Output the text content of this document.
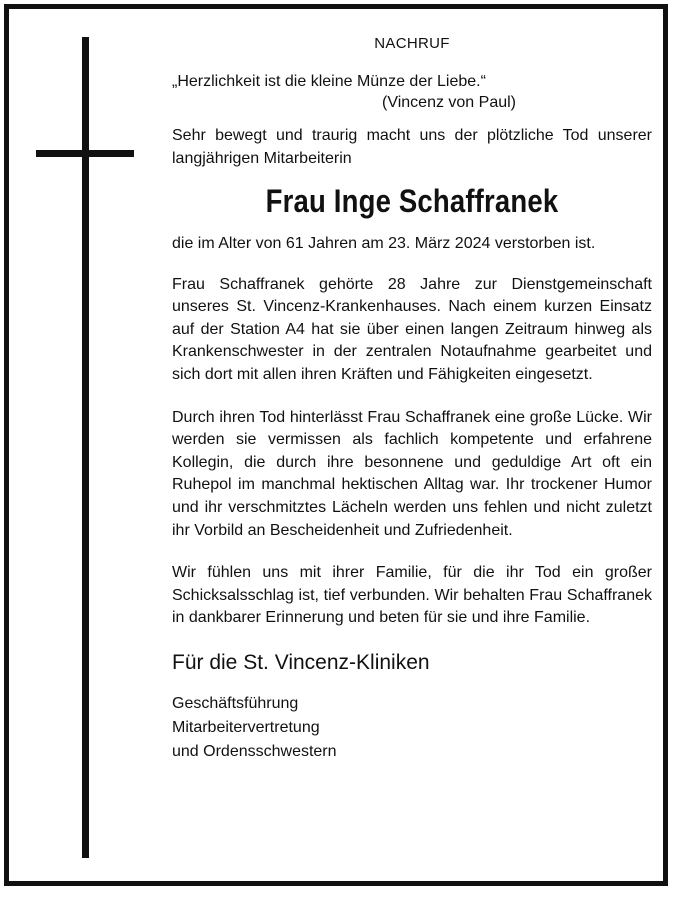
NACHRUF

„Herzlichkeit ist die kleine Münze der Liebe.“

(Vincenz von Paul)

Sehr bewegt und traurig macht uns der plötzliche Tod unserer langjährigen Mitarbeiterin

Frau Inge Schaffranek

die im Alter von 61 Jahren am 23. März 2024 verstorben ist.

Frau Schaffranek gehörte 28 Jahre zur Dienstgemeinschaft unseres St. Vincenz-Krankenhauses. Nach einem kurzen Einsatz auf der Station A4 hat sie über einen langen Zeitraum hinweg als Krankenschwester in der zentralen Notaufnahme gearbeitet und sich dort mit allen ihren Kräften und Fähigkeiten eingesetzt.

Durch ihren Tod hinterlässt Frau Schaffranek eine große Lücke. Wir werden sie vermissen als fachlich kompetente und erfahrene Kollegin, die durch ihre besonnene und geduldige Art oft ein Ruhepol im manchmal hektischen Alltag war. Ihr trockener Humor und ihr verschmitztes Lächeln werden uns fehlen und nicht zuletzt ihr Vorbild an Bescheidenheit und Zufriedenheit.

Wir fühlen uns mit ihrer Familie, für die ihr Tod ein großer Schicksalsschlag ist, tief verbunden. Wir behalten Frau Schaffranek in dankbarer Erinnerung und beten für sie und ihre Familie.

Für die St. Vincenz-Kliniken

Geschäftsführung

Mitarbeitervertretung

und Ordensschwestern
